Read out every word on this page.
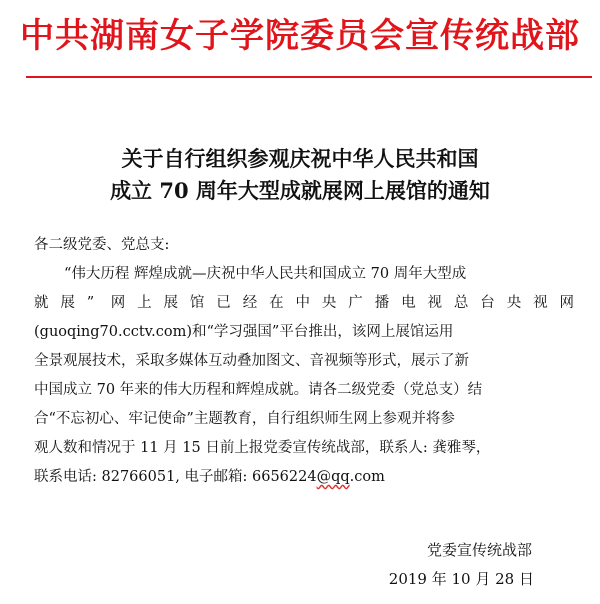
中共湖南女子学院委员会宣传统战部
关于自行组织参观庆祝中华人民共和国
成立 70 周年大型成就展网上展馆的通知
各二级党委、党总支:
“伟大历程 辉煌成就—庆祝中华人民共和国成立 70 周年大型成
就展” 网上展馆已经在中央广播电视总台央视网
(guoqing70.cctv.com)和“学习强国”平台推出，该网上展馆运用
全景观展技术，采取多媒体互动叠加图文、音视频等形式，展示了新
中国成立 70 年来的伟大历程和辉煌成就。请各二级党委（党总支）结
合“不忘初心、牢记使命”主题教育，自行组织师生网上参观并将参
观人数和情况于 11 月 15 日前上报党委宣传统战部，联系人: 龚雅琴，
联系电话: 82766051, 电子邮箱: 6656224@qq.com
党委宣传统战部
2019 年 10 月 28 日
